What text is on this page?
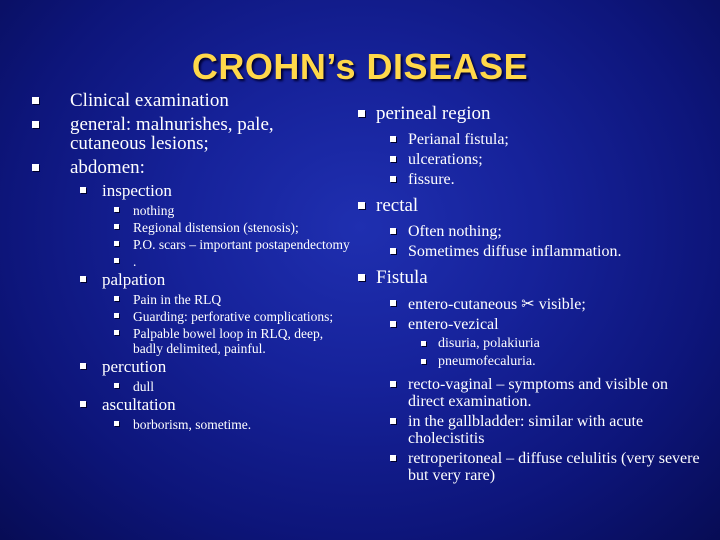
CROHN’s DISEASE
Clinical examination
general: malnurishes, pale, cutaneous lesions;
abdomen:
inspection
nothing
Regional distension (stenosis);
P.O. scars – important postapendectomy
.
palpation
Pain in the RLQ
Guarding: perforative complications;
Palpable bowel loop in RLQ, deep, badly delimited, painful.
percution
dull
ascultation
borborism, sometime.
perineal region
Perianal fistula;
ulcerations;
fissure.
rectal
Often nothing;
Sometimes diffuse inflammation.
Fistula
entero-cutaneous ✂ visible;
entero-vezical
disuria, polakiuria
pneumofecaluria.
recto-vaginal – symptoms and visible on direct examination.
in the gallbladder: similar with acute cholecistitis
retroperitoneal – diffuse celulitis (very severe but very rare)
